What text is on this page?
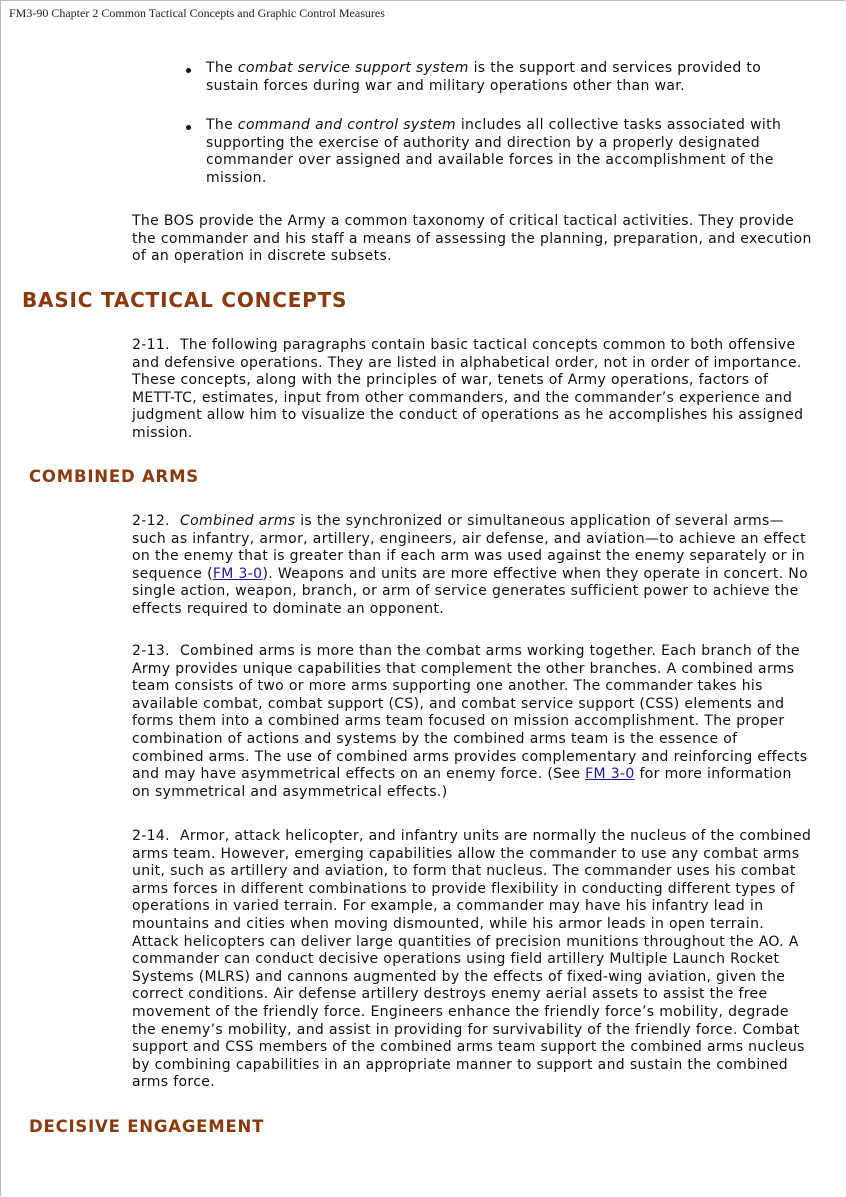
FM3-90 Chapter 2 Common Tactical Concepts and Graphic Control Measures
The combat service support system is the support and services provided to sustain forces during war and military operations other than war.
The command and control system includes all collective tasks associated with supporting the exercise of authority and direction by a properly designated commander over assigned and available forces in the accomplishment of the mission.

The BOS provide the Army a common taxonomy of critical tactical activities. They provide the commander and his staff a means of assessing the planning, preparation, and execution of an operation in discrete subsets.

BASIC TACTICAL CONCEPTS

2-11. The following paragraphs contain basic tactical concepts common to both offensive and defensive operations. They are listed in alphabetical order, not in order of importance. These concepts, along with the principles of war, tenets of Army operations, factors of METT-TC, estimates, input from other commanders, and the commander’s experience and judgment allow him to visualize the conduct of operations as he accomplishes his assigned mission.

COMBINED ARMS

2-12. Combined arms is the synchronized or simultaneous application of several arms—such as infantry, armor, artillery, engineers, air defense, and aviation—to achieve an effect on the enemy that is greater than if each arm was used against the enemy separately or in sequence (FM 3-0). Weapons and units are more effective when they operate in concert. No single action, weapon, branch, or arm of service generates sufficient power to achieve the effects required to dominate an opponent.

2-13. Combined arms is more than the combat arms working together. Each branch of the Army provides unique capabilities that complement the other branches. A combined arms team consists of two or more arms supporting one another. The commander takes his available combat, combat support (CS), and combat service support (CSS) elements and forms them into a combined arms team focused on mission accomplishment. The proper combination of actions and systems by the combined arms team is the essence of combined arms. The use of combined arms provides complementary and reinforcing effects and may have asymmetrical effects on an enemy force. (See FM 3-0 for more information on symmetrical and asymmetrical effects.)

2-14. Armor, attack helicopter, and infantry units are normally the nucleus of the combined arms team. However, emerging capabilities allow the commander to use any combat arms unit, such as artillery and aviation, to form that nucleus. The commander uses his combat arms forces in different combinations to provide flexibility in conducting different types of operations in varied terrain. For example, a commander may have his infantry lead in mountains and cities when moving dismounted, while his armor leads in open terrain. Attack helicopters can deliver large quantities of precision munitions throughout the AO. A commander can conduct decisive operations using field artillery Multiple Launch Rocket Systems (MLRS) and cannons augmented by the effects of fixed-wing aviation, given the correct conditions. Air defense artillery destroys enemy aerial assets to assist the free movement of the friendly force. Engineers enhance the friendly force’s mobility, degrade the enemy’s mobility, and assist in providing for survivability of the friendly force. Combat support and CSS members of the combined arms team support the combined arms nucleus by combining capabilities in an appropriate manner to support and sustain the combined arms force.

DECISIVE ENGAGEMENT
